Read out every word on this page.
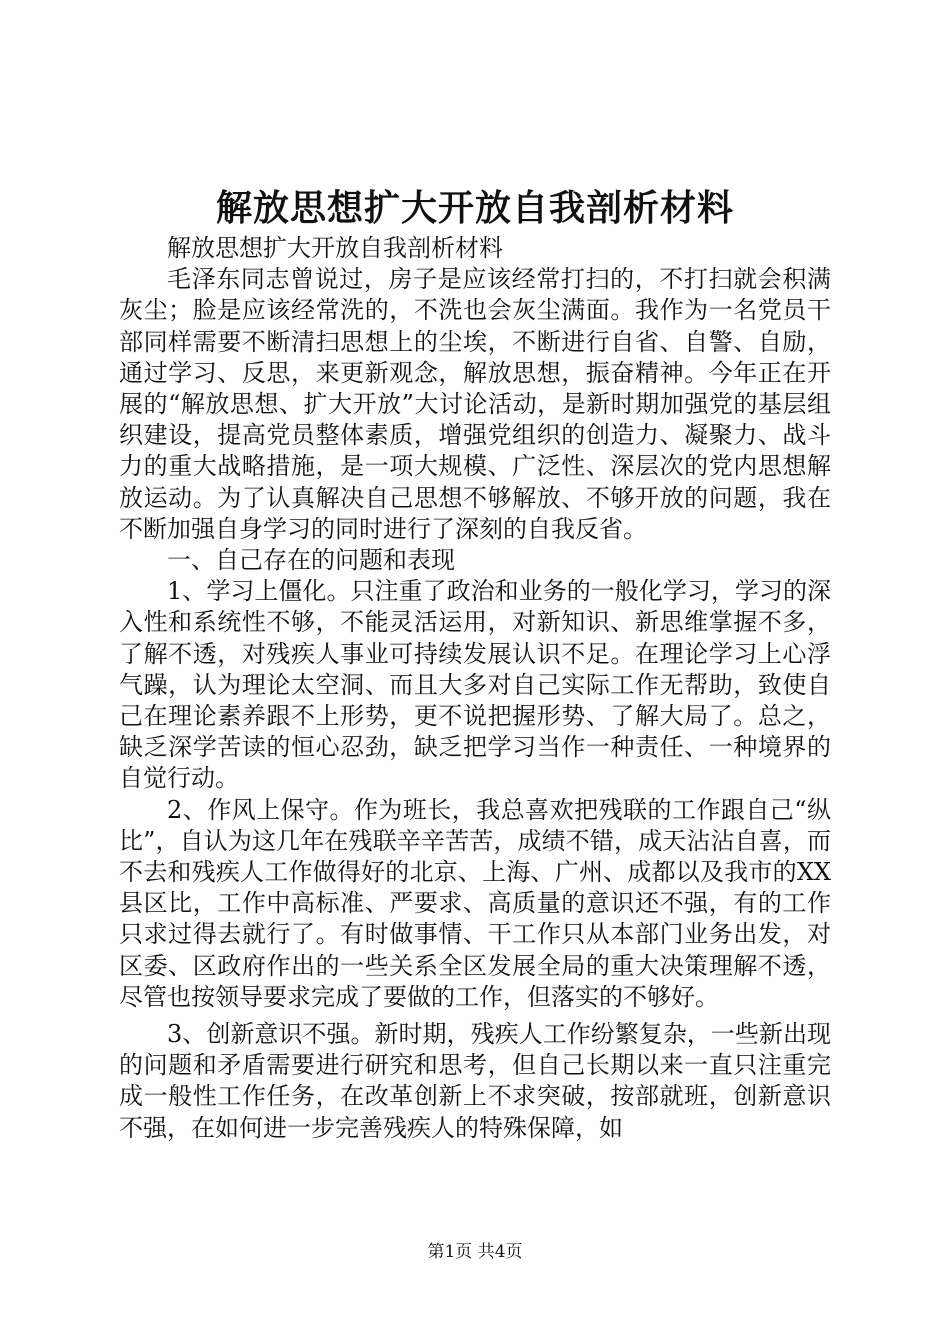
解放思想扩大开放自我剖析材料

解放思想扩大开放自我剖析材料

毛泽东同志曾说过，房子是应该经常打扫的，不打扫就会积满灰尘；脸是应该经常洗的，不洗也会灰尘满面。我作为一名党员干部同样需要不断清扫思想上的尘埃，不断进行自省、自警、自励，通过学习、反思，来更新观念，解放思想，振奋精神。今年正在开展的“解放思想、扩大开放”大讨论活动，是新时期加强党的基层组织建设，提高党员整体素质，增强党组织的创造力、凝聚力、战斗力的重大战略措施，是一项大规模、广泛性、深层次的党内思想解放运动。为了认真解决自己思想不够解放、不够开放的问题，我在不断加强自身学习的同时进行了深刻的自我反省。

一、自己存在的问题和表现

1、学习上僵化。只注重了政治和业务的一般化学习，学习的深入性和系统性不够，不能灵活运用，对新知识、新思维掌握不多，了解不透，对残疾人事业可持续发展认识不足。在理论学习上心浮气躁，认为理论太空洞、而且大多对自己实际工作无帮助，致使自己在理论素养跟不上形势，更不说把握形势、了解大局了。总之，缺乏深学苦读的恒心忍劲，缺乏把学习当作一种责任、一种境界的自觉行动。

2、作风上保守。作为班长，我总喜欢把残联的工作跟自己“纵比”，自认为这几年在残联辛辛苦苦，成绩不错，成天沾沾自喜，而不去和残疾人工作做得好的北京、上海、广州、成都以及我市的XX县区比，工作中高标准、严要求、高质量的意识还不强，有的工作只求过得去就行了。有时做事情、干工作只从本部门业务出发，对区委、区政府作出的一些关系全区发展全局的重大决策理解不透，尽管也按领导要求完成了要做的工作，但落实的不够好。

3、创新意识不强。新时期，残疾人工作纷繁复杂，一些新出现的问题和矛盾需要进行研究和思考，但自己长期以来一直只注重完成一般性工作任务，在改革创新上不求突破，按部就班，创新意识不强，在如何进一步完善残疾人的特殊保障，如

第1页 共4页
